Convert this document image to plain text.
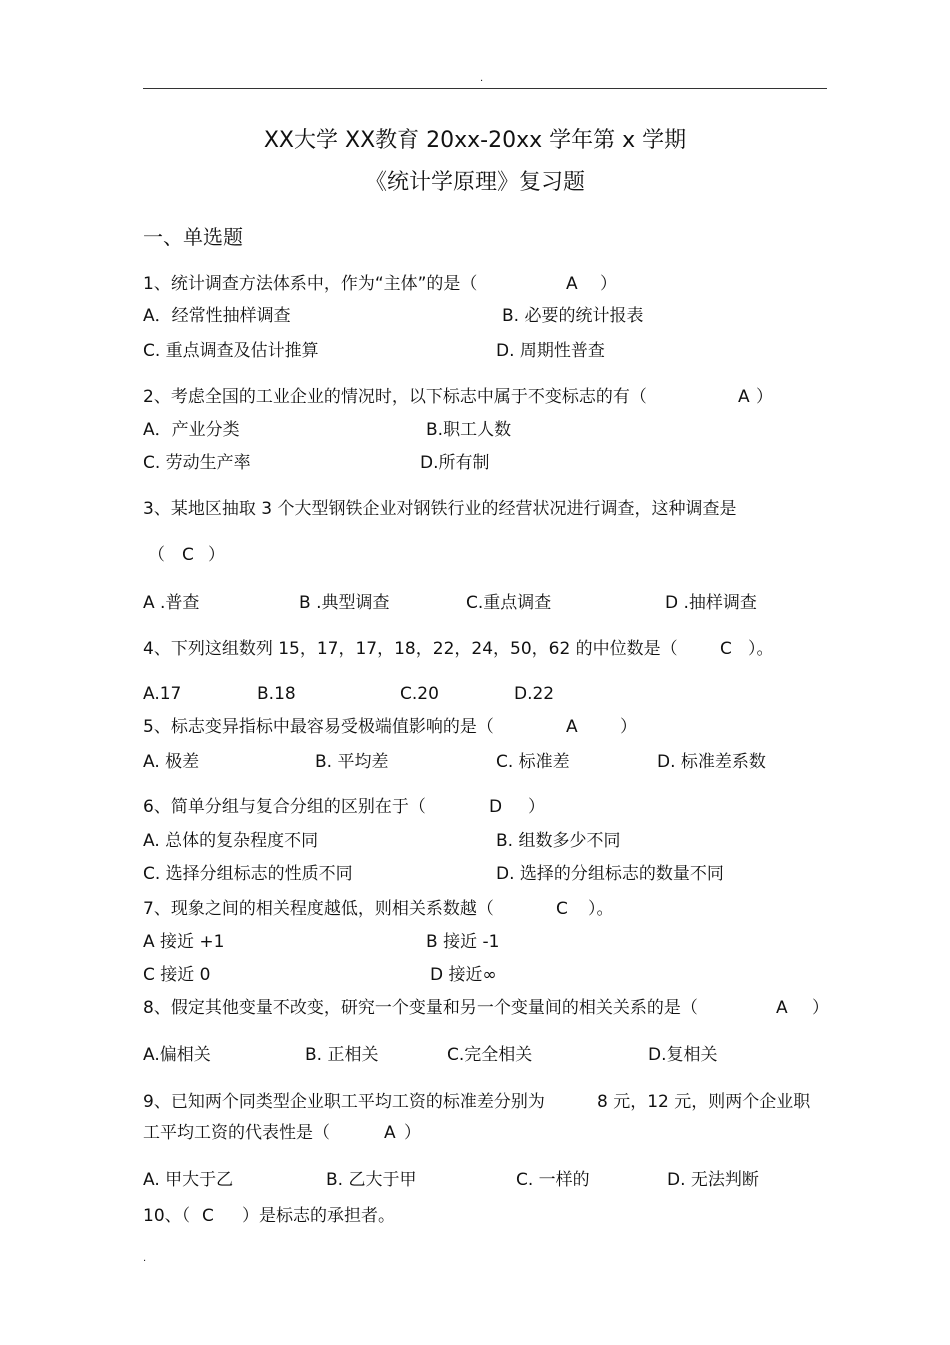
.
XX大学 XX教育 20xx-20xx 学年第 x 学期
《统计学原理》复习题
一、单选题
1、统计调查方法体系中，作为“主体”的是（	A ）
A．经常性抽样调查	B. 必要的统计报表
C. 重点调查及估计推算	D. 周期性普查
2、考虑全国的工业企业的情况时，以下标志中属于不变标志的有（	A ）
A．产业分类	B.职工人数
C. 劳动生产率	D.所有制
3、某地区抽取 3 个大型钢铁企业对钢铁行业的经营状况进行调查，这种调查是
（ C ）
A .普查	B .典型调查	C.重点调查	D .抽样调查
4、下列这组数列 15，17，17，18，22，24，50，62 的中位数是（ C ）。
A.17	B.18	C.20	D.22
5、标志变异指标中最容易受极端值影响的是（	A ）
A. 极差	B. 平均差	C. 标准差	D. 标准差系数
6、简单分组与复合分组的区别在于（	D ）
A. 总体的复杂程度不同	B. 组数多少不同
C. 选择分组标志的性质不同	D. 选择的分组标志的数量不同
7、现象之间的相关程度越低，则相关系数越（	C ）。
A 接近 +1	B 接近 -1
C 接近 0	D 接近∞
8、假定其他变量不改变，研究一个变量和另一个变量间的相关关系的是（	A ）
A.偏相关	B. 正相关	C.完全相关	D.复相关
9、已知两个同类型企业职工平均工资的标准差分别为	8 元，12 元，则两个企业职
工平均工资的代表性是（	A ）
A. 甲大于乙	B. 乙大于甲	C. 一样的	D. 无法判断
10、（ C ）是标志的承担者。
.
